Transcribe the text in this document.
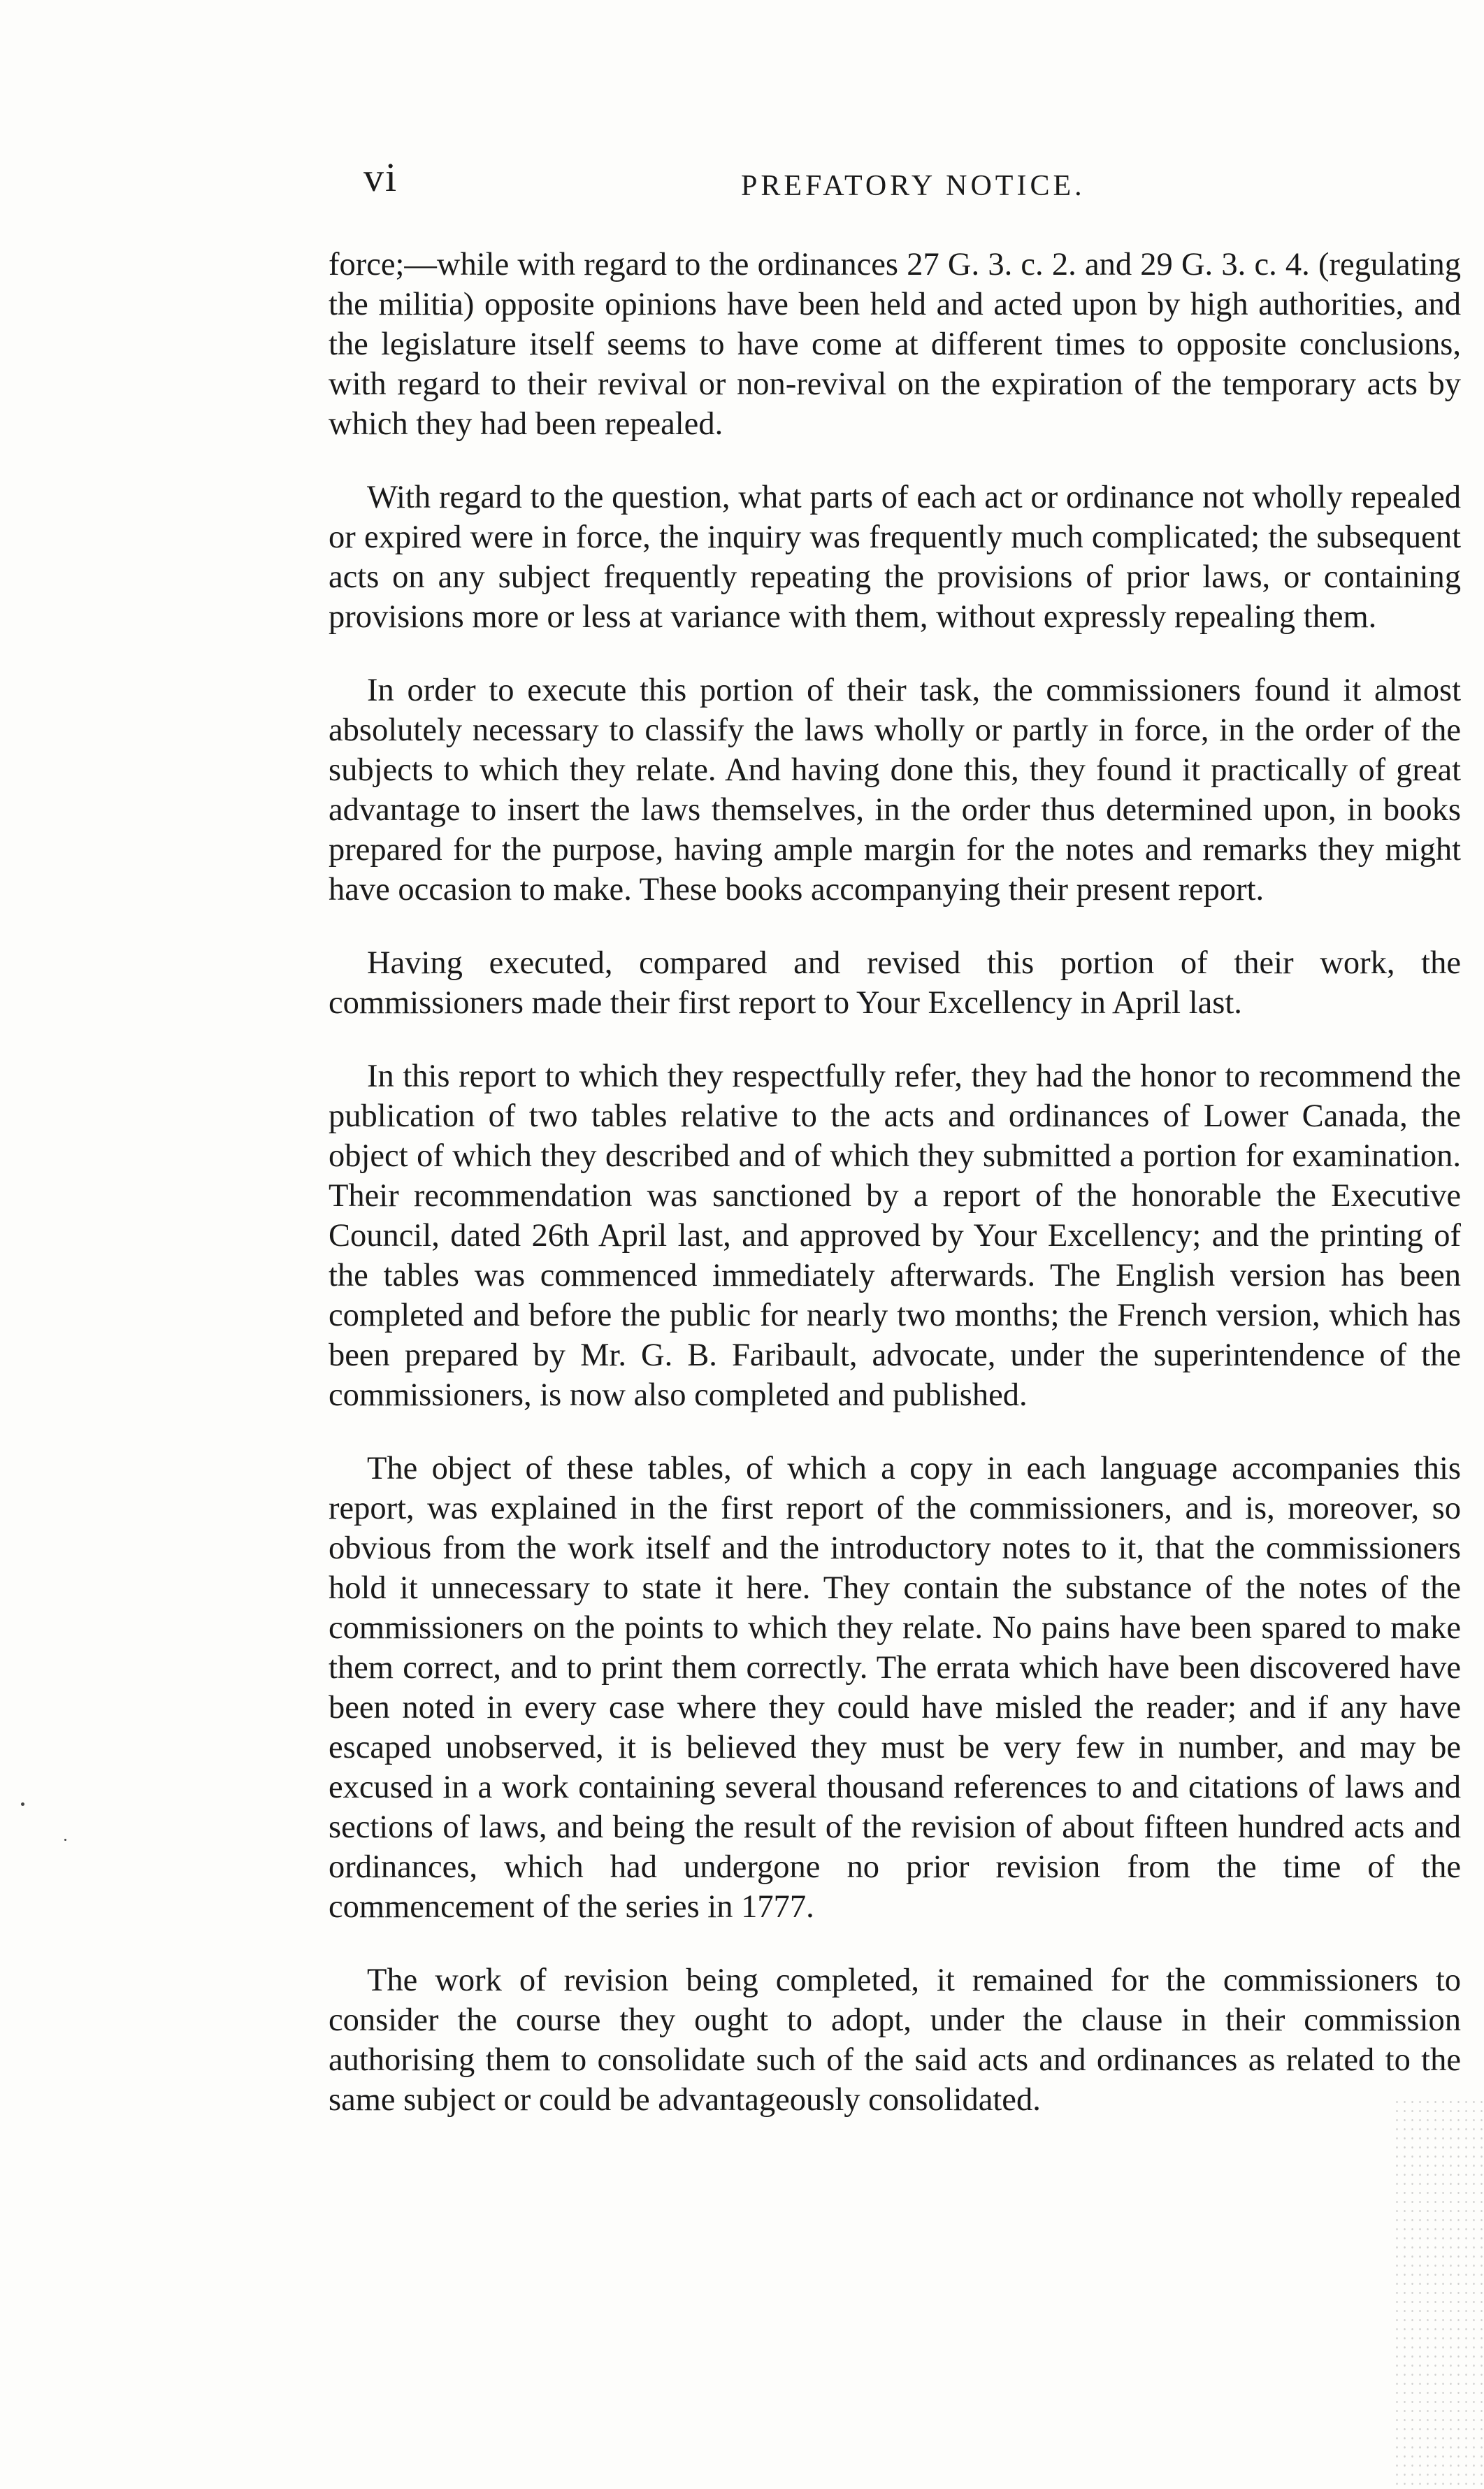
vi	PREFATORY NOTICE.

force;—while with regard to the ordinances 27 G. 3. c. 2. and 29 G. 3. c. 4. (regulating the militia) opposite opinions have been held and acted upon by high authorities, and the legislature itself seems to have come at different times to opposite conclusions, with regard to their revival or non-revival on the expiration of the temporary acts by which they had been repealed.

With regard to the question, what parts of each act or ordinance not wholly repealed or expired were in force, the inquiry was frequently much complicated; the subsequent acts on any subject frequently repeating the provisions of prior laws, or containing provisions more or less at variance with them, without expressly repealing them.

In order to execute this portion of their task, the commissioners found it almost absolutely necessary to classify the laws wholly or partly in force, in the order of the subjects to which they relate. And having done this, they found it practically of great advantage to insert the laws themselves, in the order thus determined upon, in books prepared for the purpose, having ample margin for the notes and remarks they might have occasion to make. These books accompanying their present report.

Having executed, compared and revised this portion of their work, the commissioners made their first report to Your Excellency in April last.

In this report to which they respectfully refer, they had the honor to recommend the publication of two tables relative to the acts and ordinances of Lower Canada, the object of which they described and of which they submitted a portion for examination. Their recommendation was sanctioned by a report of the honorable the Executive Council, dated 26th April last, and approved by Your Excellency; and the printing of the tables was commenced immediately afterwards. The English version has been completed and before the public for nearly two months; the French version, which has been prepared by Mr. G. B. Faribault, advocate, under the superintendence of the commissioners, is now also completed and published.

The object of these tables, of which a copy in each language accompanies this report, was explained in the first report of the commissioners, and is, moreover, so obvious from the work itself and the introductory notes to it, that the commissioners hold it unnecessary to state it here. They contain the substance of the notes of the commissioners on the points to which they relate. No pains have been spared to make them correct, and to print them correctly. The errata which have been discovered have been noted in every case where they could have misled the reader; and if any have escaped unobserved, it is believed they must be very few in number, and may be excused in a work containing several thousand references to and citations of laws and sections of laws, and being the result of the revision of about fifteen hundred acts and ordinances, which had undergone no prior revision from the time of the commencement of the series in 1777.

The work of revision being completed, it remained for the commissioners to consider the course they ought to adopt, under the clause in their commission authorising them to consolidate such of the said acts and ordinances as related to the same subject or could be advantageously consolidated.
